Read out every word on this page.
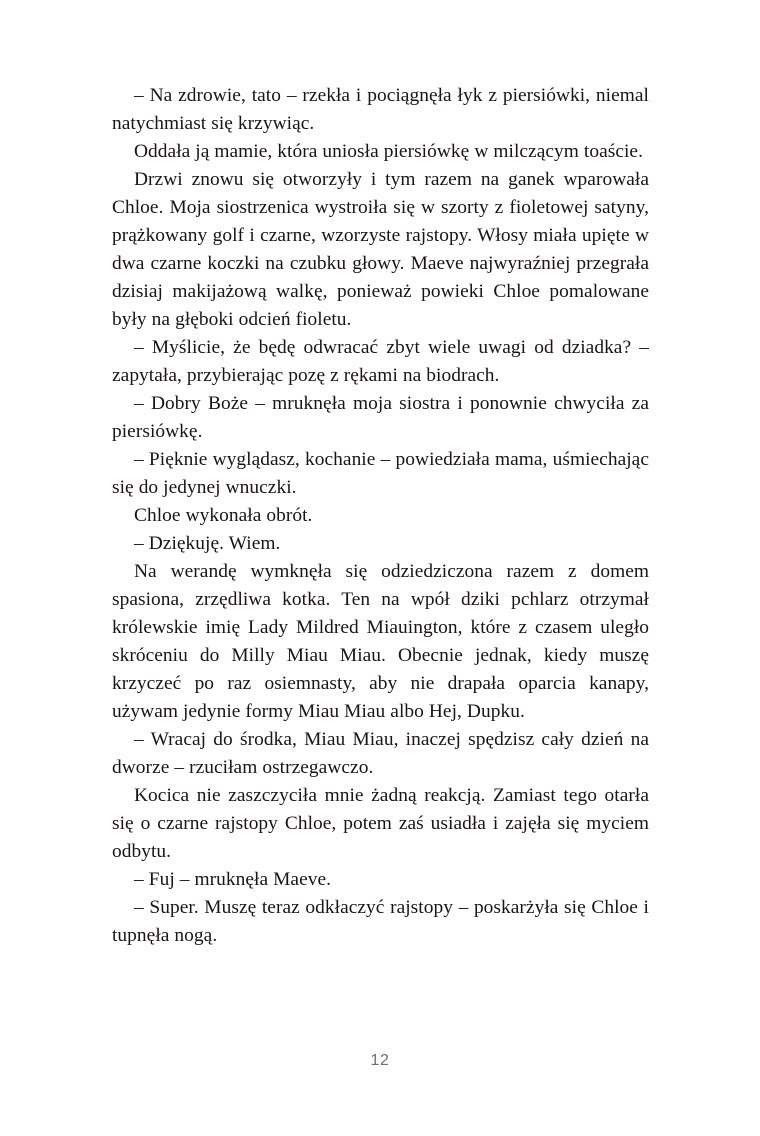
– Na zdrowie, tato – rzekła i pociągnęła łyk z piersiówki, niemal natychmiast się krzywiąc.

Oddała ją mamie, która uniosła piersiówkę w milczącym toaście.

Drzwi znowu się otworzyły i tym razem na ganek wparowała Chloe. Moja siostrzenica wystroiła się w szorty z fioletowej satyny, prążkowany golf i czarne, wzorzyste rajstopy. Włosy miała upięte w dwa czarne koczki na czubku głowy. Maeve najwyraźniej przegrała dzisiaj makijażową walkę, ponieważ powieki Chloe pomalowane były na głęboki odcień fioletu.

– Myślicie, że będę odwracać zbyt wiele uwagi od dziadka? – zapytała, przybierając pozę z rękami na biodrach.

– Dobry Boże – mruknęła moja siostra i ponownie chwyciła za piersiówkę.

– Pięknie wyglądasz, kochanie – powiedziała mama, uśmiechając się do jedynej wnuczki.

Chloe wykonała obrót.

– Dziękuję. Wiem.

Na werandę wymknęła się odziedziczona razem z domem spasiona, zrzędliwa kotka. Ten na wpół dziki pchlarz otrzymał królewskie imię Lady Mildred Miauington, które z czasem uległo skróceniu do Milly Miau Miau. Obecnie jednak, kiedy muszę krzyczeć po raz osiemnasty, aby nie drapała oparcia kanapy, używam jedynie formy Miau Miau albo Hej, Dupku.

– Wracaj do środka, Miau Miau, inaczej spędzisz cały dzień na dworze – rzuciłam ostrzegawczo.

Kocica nie zaszczyciła mnie żadną reakcją. Zamiast tego otarła się o czarne rajstopy Chloe, potem zaś usiadła i zajęła się myciem odbytu.

– Fuj – mruknęła Maeve.

– Super. Muszę teraz odkłaczyć rajstopy – poskarżyła się Chloe i tupnęła nogą.

12
